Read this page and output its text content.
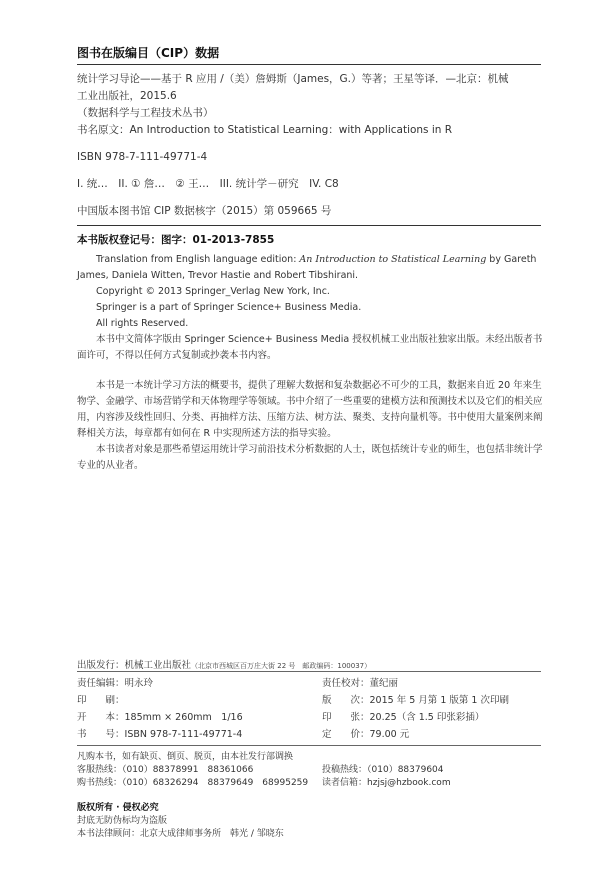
图书在版编目（CIP）数据
统计学习导论——基于 R 应用 /（美）詹姆斯（James，G.）等著；王星等译．—北京：机械
工业出版社，2015.6
（数据科学与工程技术丛书）
书名原文：An Introduction to Statistical Learning：with Applications in R
ISBN 978-7-111-49771-4
I. 统…　II. ① 詹…　② 王…　III. 统计学－研究　IV. C8
中国版本图书馆 CIP 数据核字（2015）第 059665 号
本书版权登记号：图字：01-2013-7855
Translation from English language edition: An Introduction to Statistical Learning by Gareth
James, Daniela Witten, Trevor Hastie and Robert Tibshirani.
Copyright © 2013 Springer_Verlag New York, Inc.
Springer is a part of Springer Science+ Business Media.
All rights Reserved.
本书中文简体字版由 Springer Science+ Business Media 授权机械工业出版社独家出版。未经出版者书面许可，不得以任何方式复制或抄袭本书内容。
本书是一本统计学习方法的概要书，提供了理解大数据和复杂数据必不可少的工具，数据来自近 20 年来生物学、金融学、市场营销学和天体物理学等领域。书中介绍了一些重要的建模方法和预测技术以及它们的相关应用，内容涉及线性回归、分类、再抽样方法、压缩方法、树方法、聚类、支持向量机等。书中使用大量案例来阐释相关方法，每章都有如何在 R 中实现所述方法的指导实验。
本书读者对象是那些希望运用统计学习前沿技术分析数据的人士，既包括统计专业的师生，也包括非统计学专业的从业者。
出版发行：机械工业出版社（北京市西城区百万庄大街 22 号　邮政编码：100037）
责任编辑：明永玲	责任校对：董纪丽
印　　刷：	版　　次：2015 年 5 月第 1 版第 1 次印刷
开　　本：185mm × 260mm　1/16	印　　张：20.25（含 1.5 印张彩插）
书　　号：ISBN 978-7-111-49771-4	定　　价：79.00 元
凡购本书，如有缺页、倒页、脱页，由本社发行部调换
客服热线：（010）88378991　88361066	投稿热线：（010）88379604
购书热线：（010）68326294　88379649　68995259 读者信箱：hzjsj@hzbook.com
版权所有 · 侵权必究
封底无防伪标均为盗版
本书法律顾问：北京大成律师事务所　韩光 / 邹晓东
